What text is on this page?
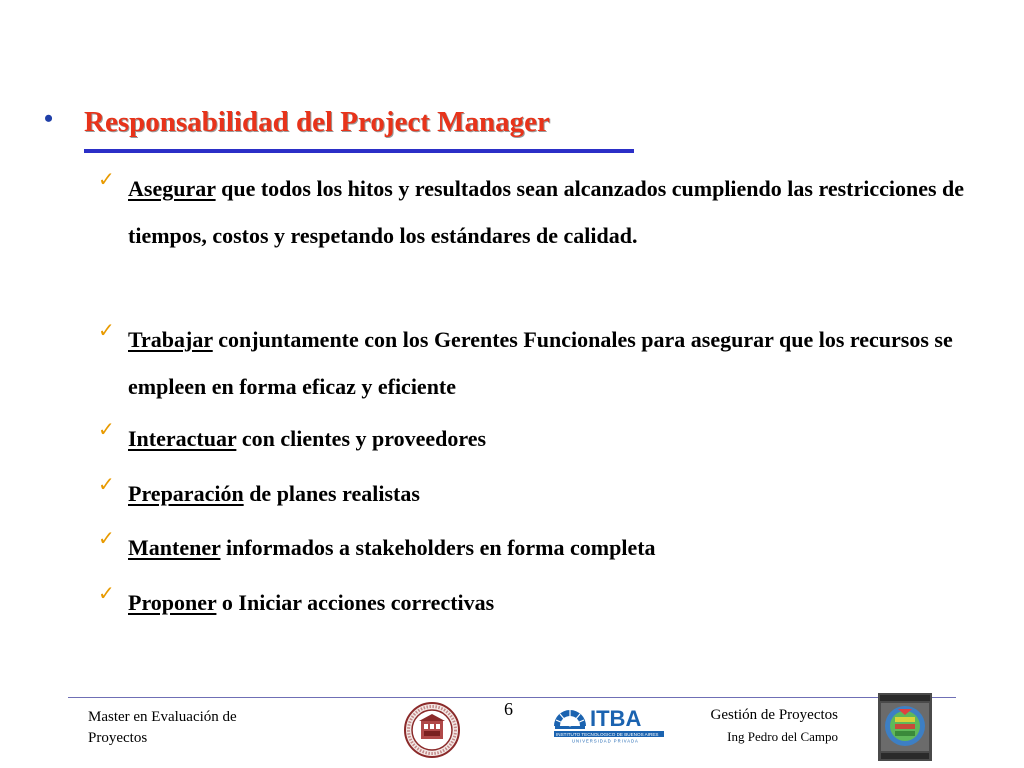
• Responsabilidad del Project Manager
✓ Asegurar que todos los hitos y resultados sean alcanzados cumpliendo las restricciones de tiempos, costos y respetando los estándares de calidad.
✓ Trabajar conjuntamente con los Gerentes Funcionales para asegurar que los recursos se empleen en forma eficaz y eficiente
✓ Interactuar con clientes y proveedores
✓ Preparación de planes realistas
✓ Mantener informados a stakeholders en forma completa
✓ Proponer o Iniciar acciones correctivas
Master en Evaluación de
Proyectos
6	ITBA
INSTITUTO TECNOLOGICO DE BUENOS AIRES
UNIVERSIDAD PRIVADA
Gestión de Proyectos
Ing Pedro del Campo
